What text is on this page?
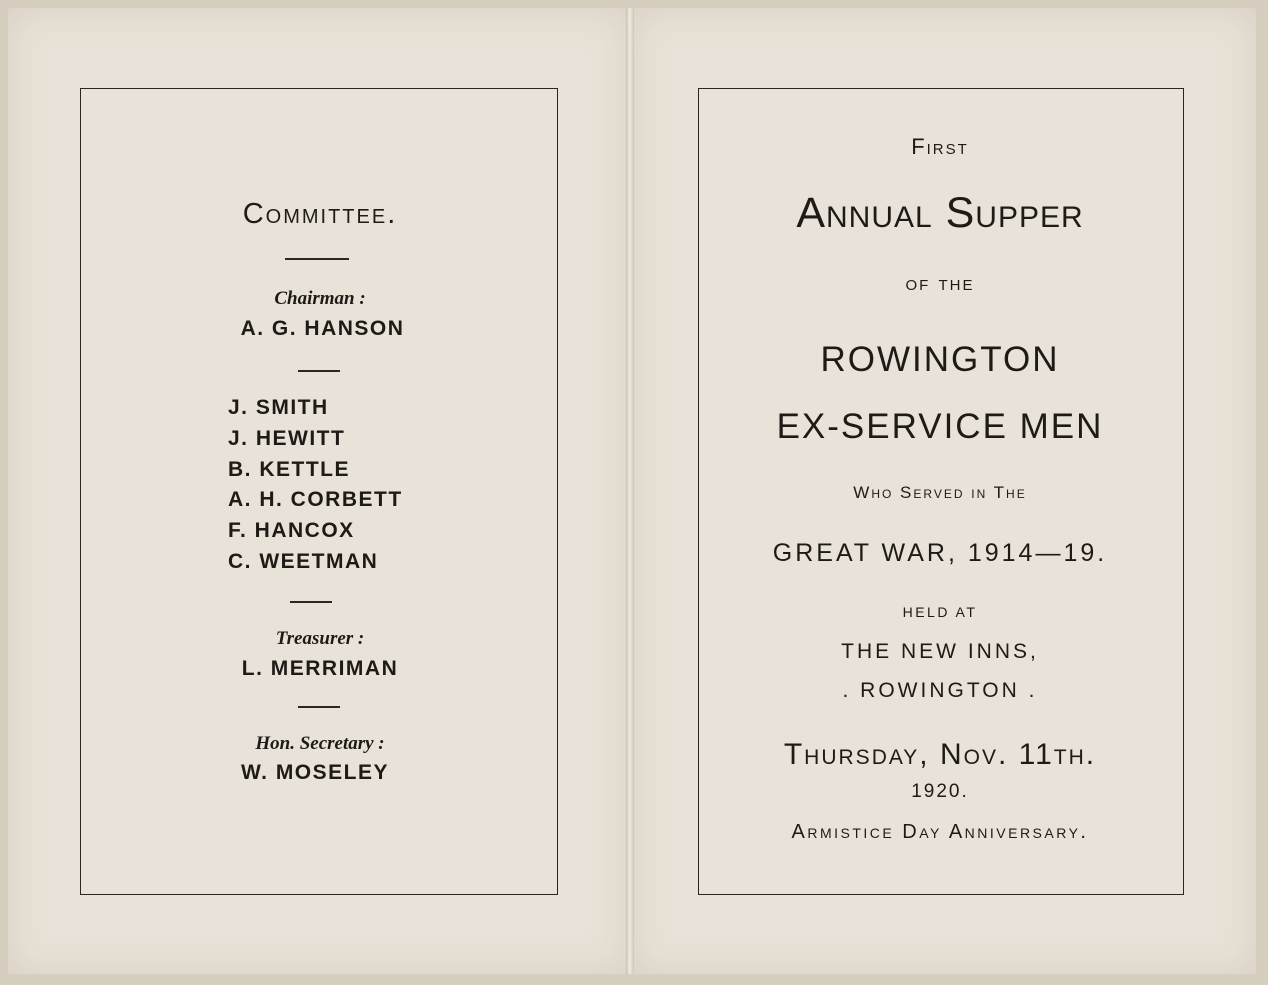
Committee.
Chairman :
A. G. HANSON
J. SMITH
J. HEWITT
B. KETTLE
A. H. CORBETT
F. HANCOX
C. WEETMAN
Treasurer :
L. MERRIMAN
Hon. Secretary :
W. MOSELEY
First
Annual Supper
of the
ROWINGTON
EX-SERVICE MEN
Who Served in The
GREAT WAR, 1914—19.
HELD AT
THE NEW INNS,
. ROWINGTON .
Thursday, Nov. 11th.
1920.
Armistice Day Anniversary.
